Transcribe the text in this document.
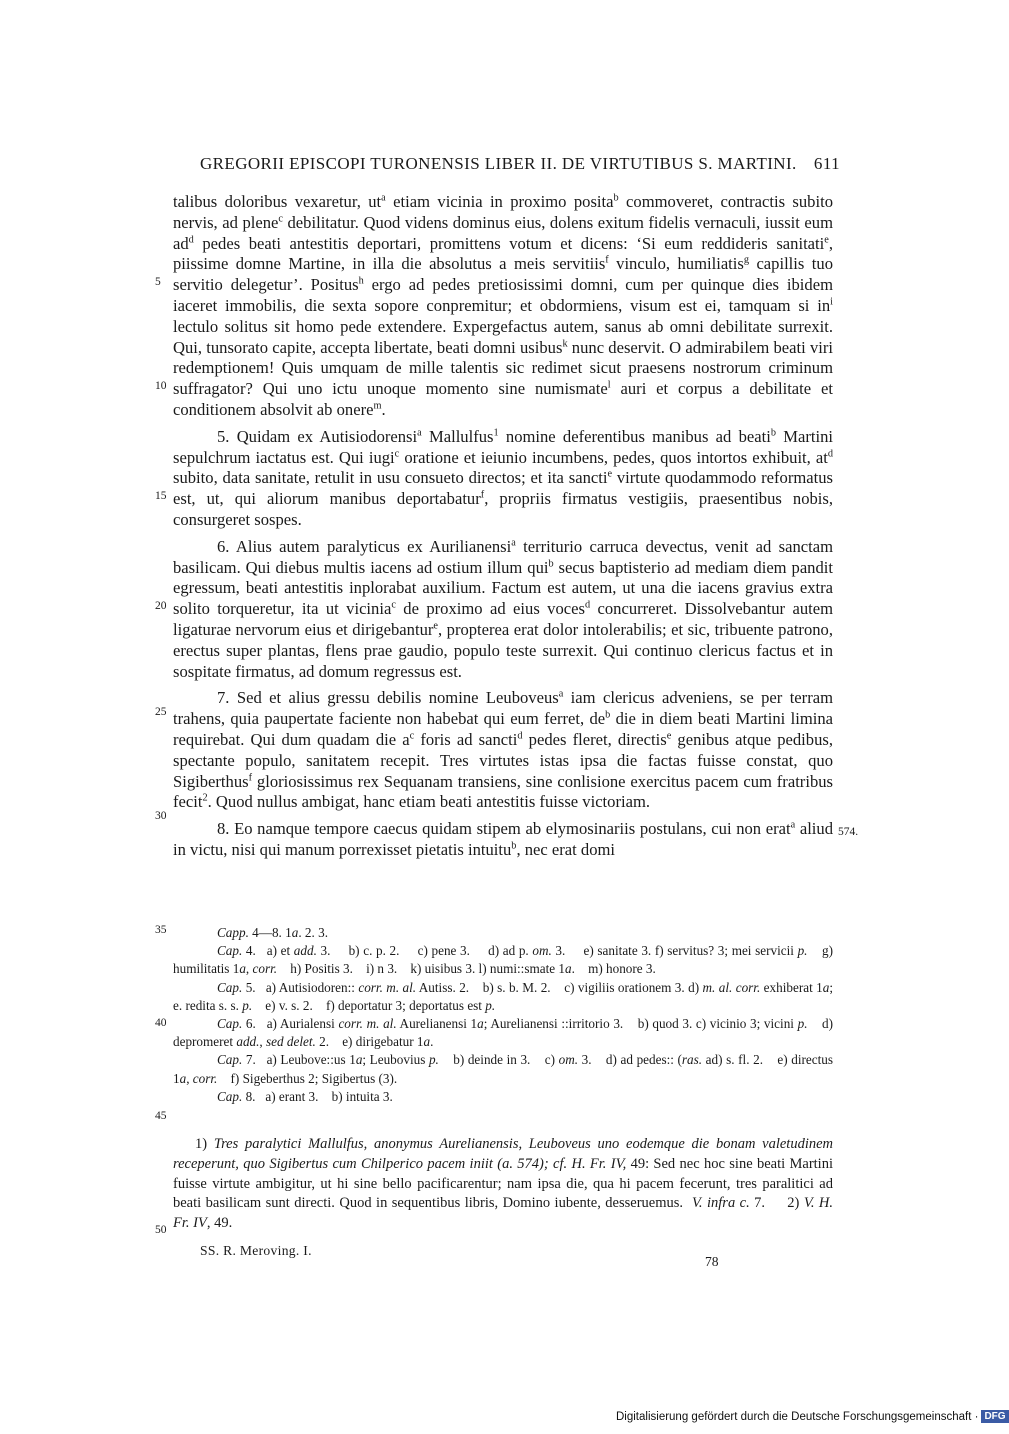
GREGORII EPISCOPI TURONENSIS LIBER II. DE VIRTUTIBUS S. MARTINI. 611

talibus doloribus vexaretur, $ut^a$ etiam vicinia in proximo posita$^b$ commoveret, contractis subito nervis, ad plene$^c$ debilitatur. Quod videns dominus eius, dolens exitum fidelis vernaculi, iussit eum $ad^d$ pedes beati antestitis deportari, promittens votum et dicens: ‘Si eum reddideris sanitati$^e$, piissime domne Martine, in illa die absolutus a meis servitiis$^f$ vinculo, humiliatis$^g$ capillis tuo servitio delegetur’. Positus$^h$ ergo ad pedes pretiosissimi domni, cum per quinque dies ibidem iaceret immobilis, die sexta sopore conpremitur; et obdormiens, visum est ei, tamquam si $in^i$ lectulo solitus sit homo pede extendere. Expergefactus autem, sanus ab omni debilitate surrexit. Qui, tunsorato capite, accepta libertate, beati domni usibus$^k$ nunc deservit. O admirabilem beati viri redemptionem! Quis umquam de mille talentis sic redimet sicut praesens nostrorum criminum suffragator? Qui uno ictu unoque momento sine numismate$^l$ auri et corpus a debilitate et conditionem absolvit ab onere$^m$.

5. Quidam ex Autisiodorensi$^a$ Mallulfus$^1$ nomine deferentibus manibus ad beati$^b$ Martini sepulchrum iactatus est. Qui iugi$^c$ oratione et ieiunio incumbens, pedes, quos intortos exhibuit, $at^d$ subito, data sanitate, retulit in usu consueto directos; et ita sancti$^e$ virtute quodammodo reformatus est, ut, qui aliorum manibus deportabatur$^f$, propriis firmatus vestigiis, praesentibus nobis, consurgeret sospes.

6. Alius autem paralyticus ex Aurilianensi$^a$ territurio carruca devectus, venit ad sanctam basilicam. Qui diebus multis iacens ad ostium illum qui$^b$ secus baptisterio ad mediam diem pandit egressum, beati antestitis inplorabat auxilium. Factum est autem, ut una die iacens gravius extra solito torqueretur, ita ut vicinia$^c$ de proximo ad eius voces$^d$ concurreret. Dissolvebantur autem ligaturae nervorum eius et dirigebantur$^e$, propterea erat dolor intolerabilis; et sic, tribuente patrono, erectus super plantas, flens prae gaudio, populo teste surrexit. Qui continuo clericus factus et in sospitate firmatus, ad domum regressus est.

7. Sed et alius gressu debilis nomine Leuboveus$^a$ iam clericus adveniens, se per terram trahens, quia paupertate faciente non habebat qui eum ferret, $de^b$ die in diem beati Martini limina requirebat. Qui dum quadam die $a^c$ foris ad sancti$^d$ pedes fleret, directis$^e$ genibus atque pedibus, spectante populo, sanitatem recepit. Tres virtutes istas ipsa die factas fuisse constat, quo Sigiberthus$^f$ gloriosissimus rex Sequanam transiens, sine conlisione exercitus pacem cum fratribus fecit$^2$. Quod nullus ambigat, hanc etiam beati antestitis fuisse victoriam.

8. Eo namque tempore caecus quidam stipem ab elymosinariis postulans, cui non erat$^a$ aliud in victu, nisi qui manum porrexisset pietatis intuitu$^b$, nec erat domi

5
10
15
20
25
30
35
40
45
50
574.

Capp. 4—8. 1a. 2. 3.

Cap. 4.   a) et add. 3.     b) c. p. 2.     c) pene 3.     d) ad p. om. 3.     e) sanitate 3. f) servitus? 3; mei servicii p.    g) humilitatis 1a, corr.    h) Positis 3.    i) n 3.    k) uisibus 3. l) numi::smate 1a.    m) honore 3.

Cap. 5.   a) Autisiodoren:: corr. m. al. Autiss. 2.    b) s. b. M. 2.    c) vigiliis orationem 3. d) m. al. corr. exhiberat 1a; e. redita s. s. p.    e) v. s. 2.    f) deportatur 3; deportatus est p.

Cap. 6.   a) Aurialensi corr. m. al. Aurelianensi 1a; Aurelianensi ::irritorio 3.    b) quod 3. c) vicinio 3; vicini p.    d) depromeret add., sed delet. 2.    e) dirigebatur 1a.

Cap. 7.   a) Leubove::us 1a; Leubovius p.    b) deinde in 3.    c) om. 3.    d) ad pedes:: (ras. ad) s. fl. 2.    e) directus 1a, corr.    f) Sigeberthus 2; Sigibertus (3).

Cap. 8.   a) erant 3.    b) intuita 3.

1) Tres paralytici Mallulfus, anonymus Aurelianensis, Leuboveus uno eodemque die bonam valetudinem receperunt, quo Sigibertus cum Chilperico pacem iniit (a. 574); cf. H. Fr. IV, 49: Sed nec hoc sine beati Martini fuisse virtute ambigitur, ut hi sine bello pacificarentur; nam ipsa die, qua hi pacem fecerunt, tres paralitici ad beati basilicam sunt directi. Quod in sequentibus libris, Domino iubente, desseruemus.  V. infra c. 7.     2) V. H. Fr. IV, 49.

SS. R. Meroving. I.
78
Digitalisierung gefördert durch die Deutsche Forschungsgemeinschaft · DFG
